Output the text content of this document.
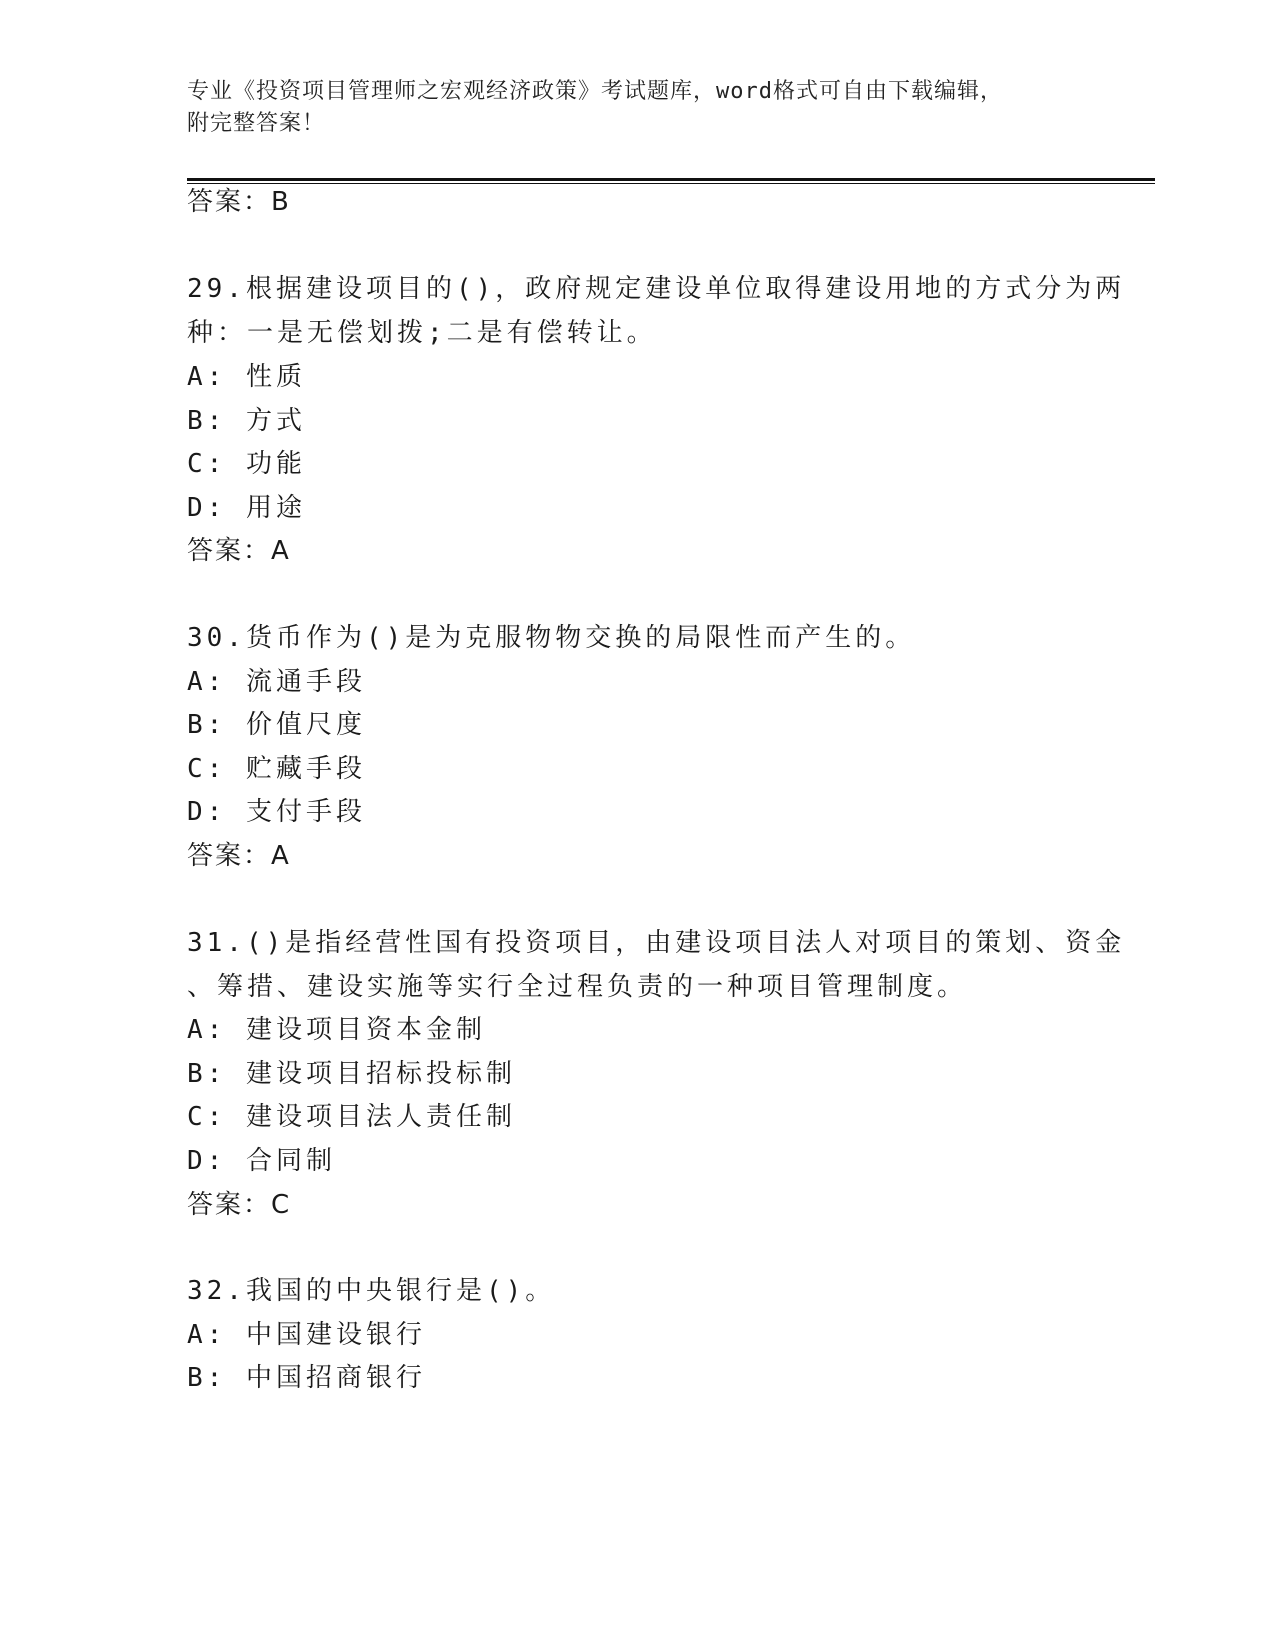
专业《投资项目管理师之宏观经济政策》考试题库，word格式可自由下载编辑，
附完整答案！
答案：B
29.根据建设项目的()，政府规定建设单位取得建设用地的方式分为两
种：一是无偿划拨;二是有偿转让。
A: 性质
B: 方式
C: 功能
D: 用途
答案：A
30.货币作为()是为克服物物交换的局限性而产生的。
A: 流通手段
B: 价值尺度
C: 贮藏手段
D: 支付手段
答案：A
31.()是指经营性国有投资项目，由建设项目法人对项目的策划、资金
、筹措、建设实施等实行全过程负责的一种项目管理制度。
A: 建设项目资本金制
B: 建设项目招标投标制
C: 建设项目法人责任制
D: 合同制
答案：C
32.我国的中央银行是()。
A: 中国建设银行
B: 中国招商银行
